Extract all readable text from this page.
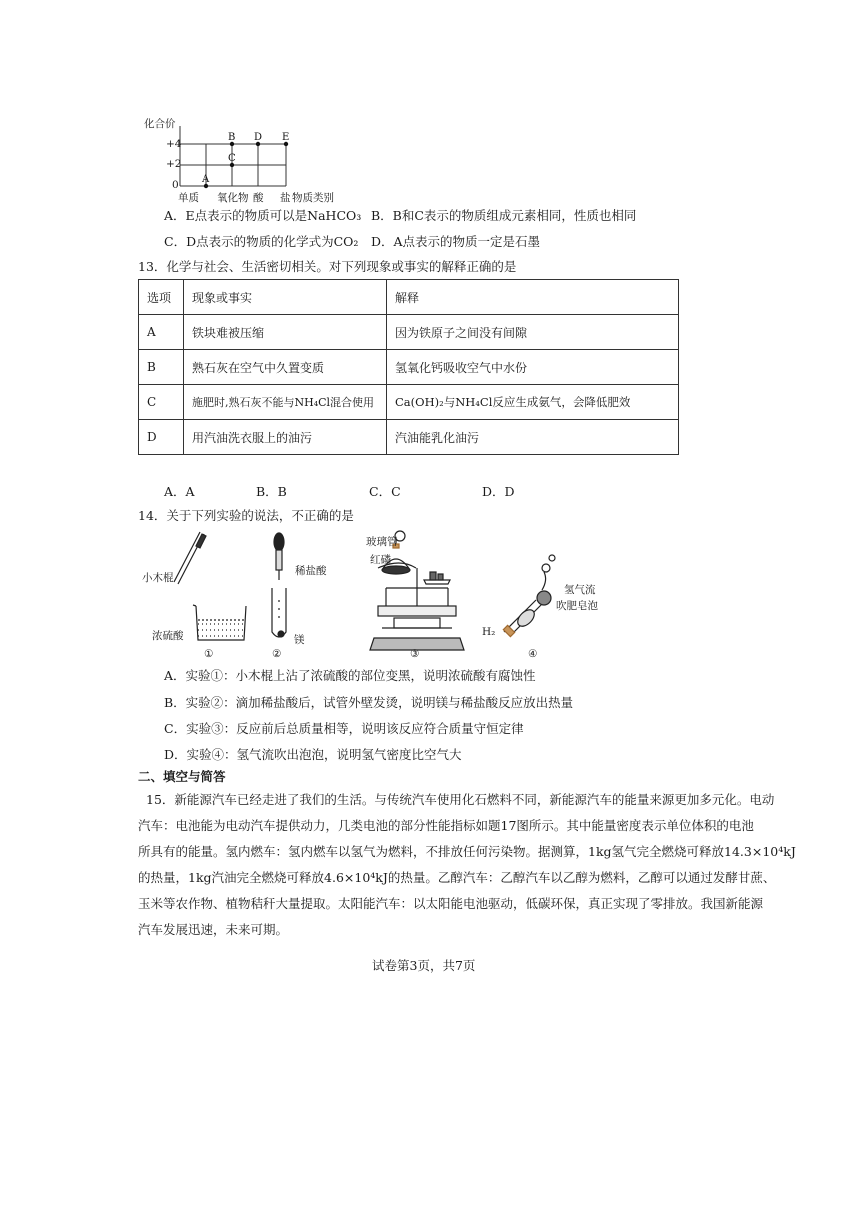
化合价
+4
+2
0
单质 氧化物 酸 盐 物质类别
A
B
C
D E
A．E点表示的物质可以是NaHCO₃ B．B和C表示的物质组成元素相同，性质也相同
C．D点表示的物质的化学式为CO₂ D．A点表示的物质一定是石墨
13．化学与社会、生活密切相关。对下列现象或事实的解释正确的是
选项	现象或事实	解释
A	铁块难被压缩	因为铁原子之间没有间隙
B	熟石灰在空气中久置变质	氢氧化钙吸收空气中水份
C	施肥时,熟石灰不能与NH₄Cl混合使用	Ca(OH)₂与NH₄Cl反应生成氨气，会降低肥效
D	用汽油洗衣服上的油污	汽油能乳化油污
A．A	B．B	C．C	D．D
14．关于下列实验的说法，不正确的是
小木棍
浓硫酸
稀盐酸
镁
玻璃管
红磷
氢气流
吹肥皂泡
H₂
①	②	③	④
A．实验①：小木棍上沾了浓硫酸的部位变黑，说明浓硫酸有腐蚀性
B．实验②：滴加稀盐酸后，试管外壁发烫，说明镁与稀盐酸反应放出热量
C．实验③：反应前后总质量相等，说明该反应符合质量守恒定律
D．实验④：氢气流吹出泡泡，说明氢气密度比空气大
二、填空与简答
15．新能源汽车已经走进了我们的生活。与传统汽车使用化石燃料不同，新能源汽车的能量来源更加多元化。电动
汽车：电池能为电动汽车提供动力，几类电池的部分性能指标如题17图所示。其中能量密度表示单位体积的电池
所具有的能量。氢内燃车：氢内燃车以氢气为燃料，不排放任何污染物。据测算，1kg氢气完全燃烧可释放14.3×10⁴kJ
的热量，1kg汽油完全燃烧可释放4.6×10⁴kJ的热量。乙醇汽车：乙醇汽车以乙醇为燃料，乙醇可以通过发酵甘蔗、
玉米等农作物、植物秸秆大量提取。太阳能汽车：以太阳能电池驱动，低碳环保，真正实现了零排放。我国新能源
汽车发展迅速，未来可期。
试卷第3页，共7页
